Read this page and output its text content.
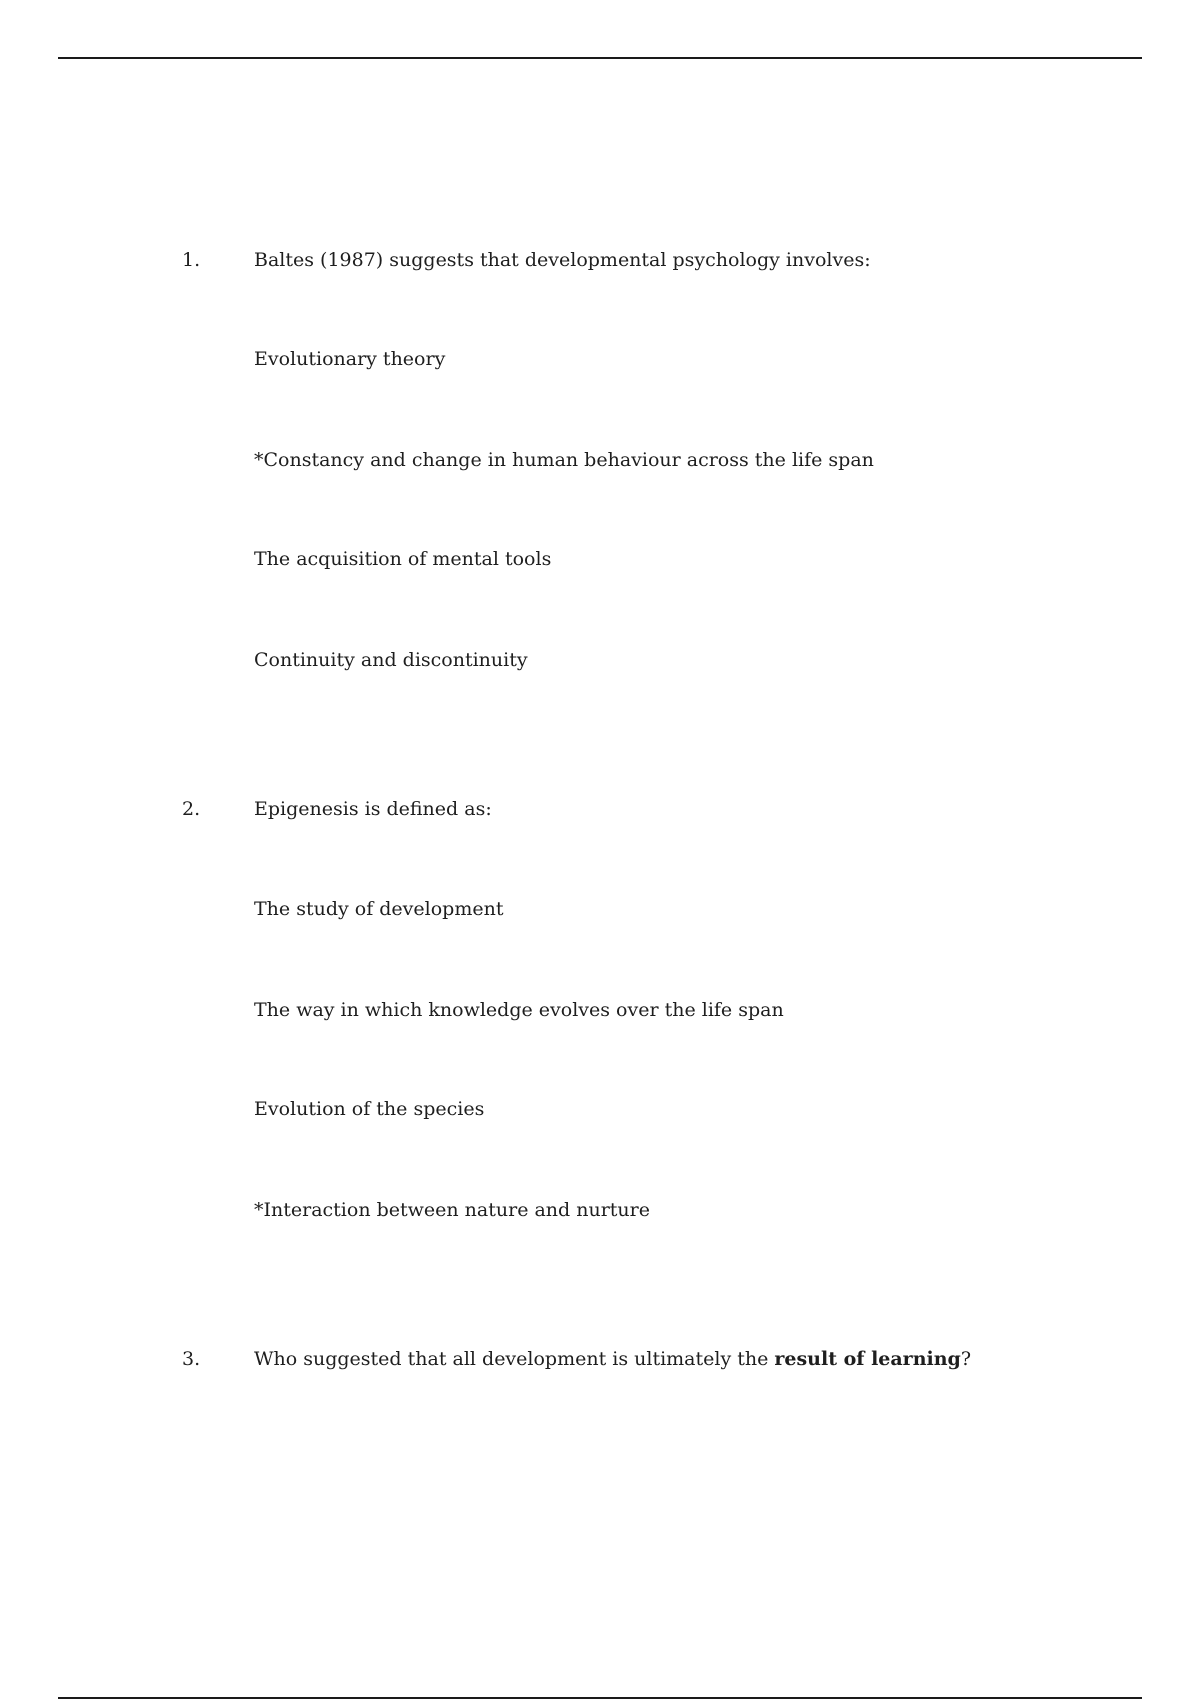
1.	Baltes (1987) suggests that developmental psychology involves:
Evolutionary theory
*Constancy and change in human behaviour across the life span
The acquisition of mental tools
Continuity and discontinuity
2.	Epigenesis is defined as:
The study of development
The way in which knowledge evolves over the life span
Evolution of the species
*Interaction between nature and nurture
3.	Who suggested that all development is ultimately the result of learning?
